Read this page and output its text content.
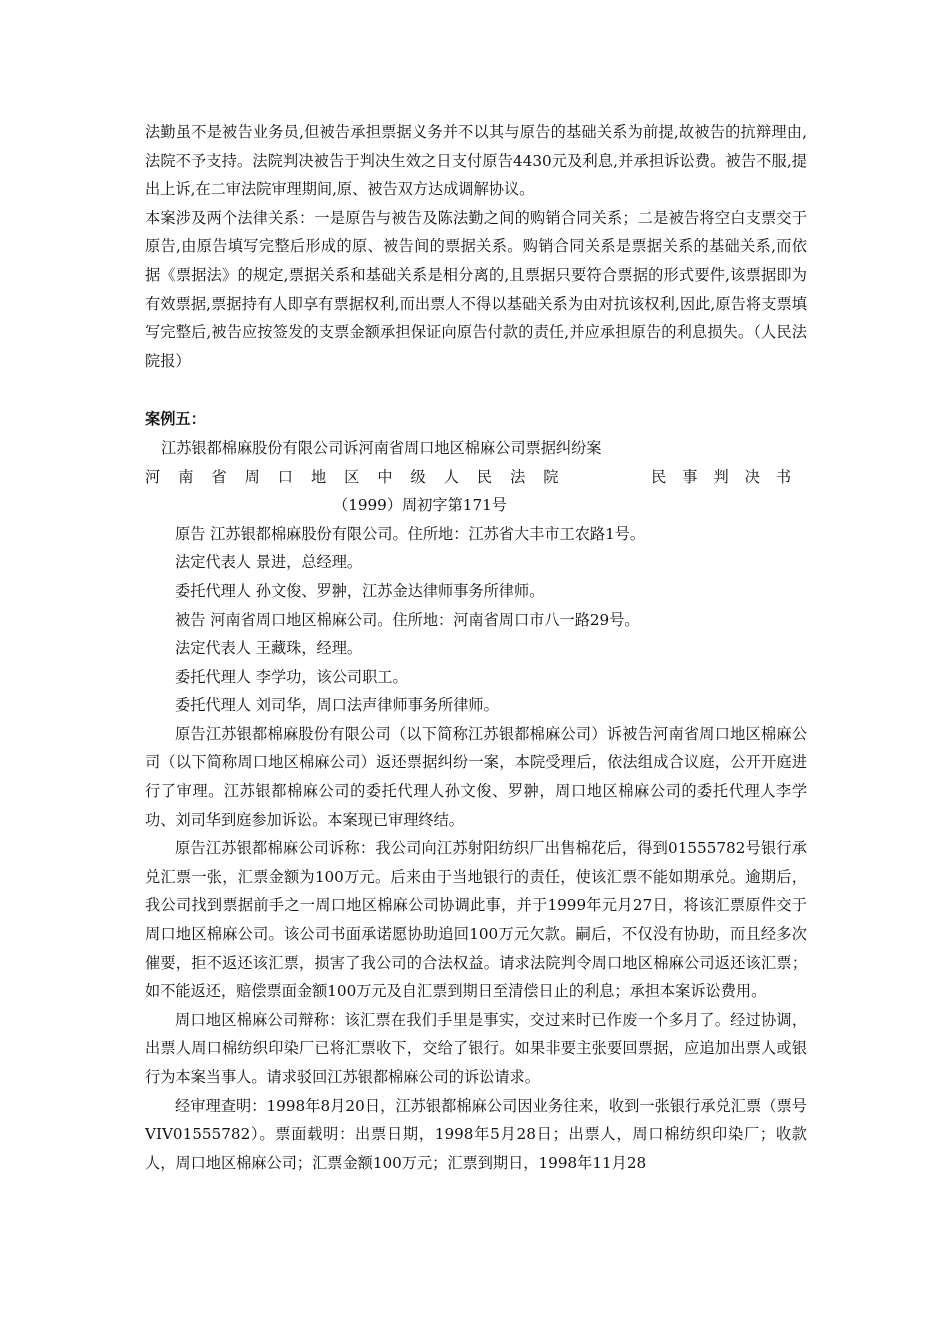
法勤虽不是被告业务员,但被告承担票据义务并不以其与原告的基础关系为前提,故被告的抗辩理由,法院不予支持。法院判决被告于判决生效之日支付原告4430元及利息,并承担诉讼费。被告不服,提出上诉,在二审法院审理期间,原、被告双方达成调解协议。

本案涉及两个法律关系：一是原告与被告及陈法勤之间的购销合同关系；二是被告将空白支票交于原告,由原告填写完整后形成的原、被告间的票据关系。购销合同关系是票据关系的基础关系,而依据《票据法》的规定,票据关系和基础关系是相分离的,且票据只要符合票据的形式要件,该票据即为有效票据,票据持有人即享有票据权利,而出票人不得以基础关系为由对抗该权利,因此,原告将支票填写完整后,被告应按签发的支票金额承担保证向原告付款的责任,并应承担原告的利息损失。（人民法院报）

案例五：

江苏银都棉麻股份有限公司诉河南省周口地区棉麻公司票据纠纷案

河南省周口地区中级人民法院	民事判决书

（1999）周初字第171号

原告 江苏银都棉麻股份有限公司。住所地：江苏省大丰市工农路1号。

法定代表人 景进，总经理。

委托代理人 孙文俊、罗翀，江苏金达律师事务所律师。

被告 河南省周口地区棉麻公司。住所地：河南省周口市八一路29号。

法定代表人 王藏珠，经理。

委托代理人 李学功，该公司职工。

委托代理人 刘司华，周口法声律师事务所律师。

原告江苏银都棉麻股份有限公司（以下简称江苏银都棉麻公司）诉被告河南省周口地区棉麻公司（以下简称周口地区棉麻公司）返还票据纠纷一案，本院受理后，依法组成合议庭，公开开庭进行了审理。江苏银都棉麻公司的委托代理人孙文俊、罗翀，周口地区棉麻公司的委托代理人李学功、刘司华到庭参加诉讼。本案现已审理终结。

原告江苏银都棉麻公司诉称：我公司向江苏射阳纺织厂出售棉花后，得到01555782号银行承兑汇票一张，汇票金额为100万元。后来由于当地银行的责任，使该汇票不能如期承兑。逾期后，我公司找到票据前手之一周口地区棉麻公司协调此事，并于1999年元月27日，将该汇票原件交于周口地区棉麻公司。该公司书面承诺愿协助追回100万元欠款。嗣后，不仅没有协助，而且经多次催要，拒不返还该汇票，损害了我公司的合法权益。请求法院判令周口地区棉麻公司返还该汇票；如不能返还，赔偿票面金额100万元及自汇票到期日至清偿日止的利息；承担本案诉讼费用。

周口地区棉麻公司辩称：该汇票在我们手里是事实，交过来时已作废一个多月了。经过协调，出票人周口棉纺织印染厂已将汇票收下，交给了银行。如果非要主张要回票据，应追加出票人或银行为本案当事人。请求驳回江苏银都棉麻公司的诉讼请求。

经审理查明：1998年8月20日，江苏银都棉麻公司因业务往来，收到一张银行承兑汇票（票号VIV01555782）。票面载明：出票日期，1998年5月28日；出票人，周口棉纺织印染厂；收款人，周口地区棉麻公司；汇票金额100万元；汇票到期日，1998年11月28
